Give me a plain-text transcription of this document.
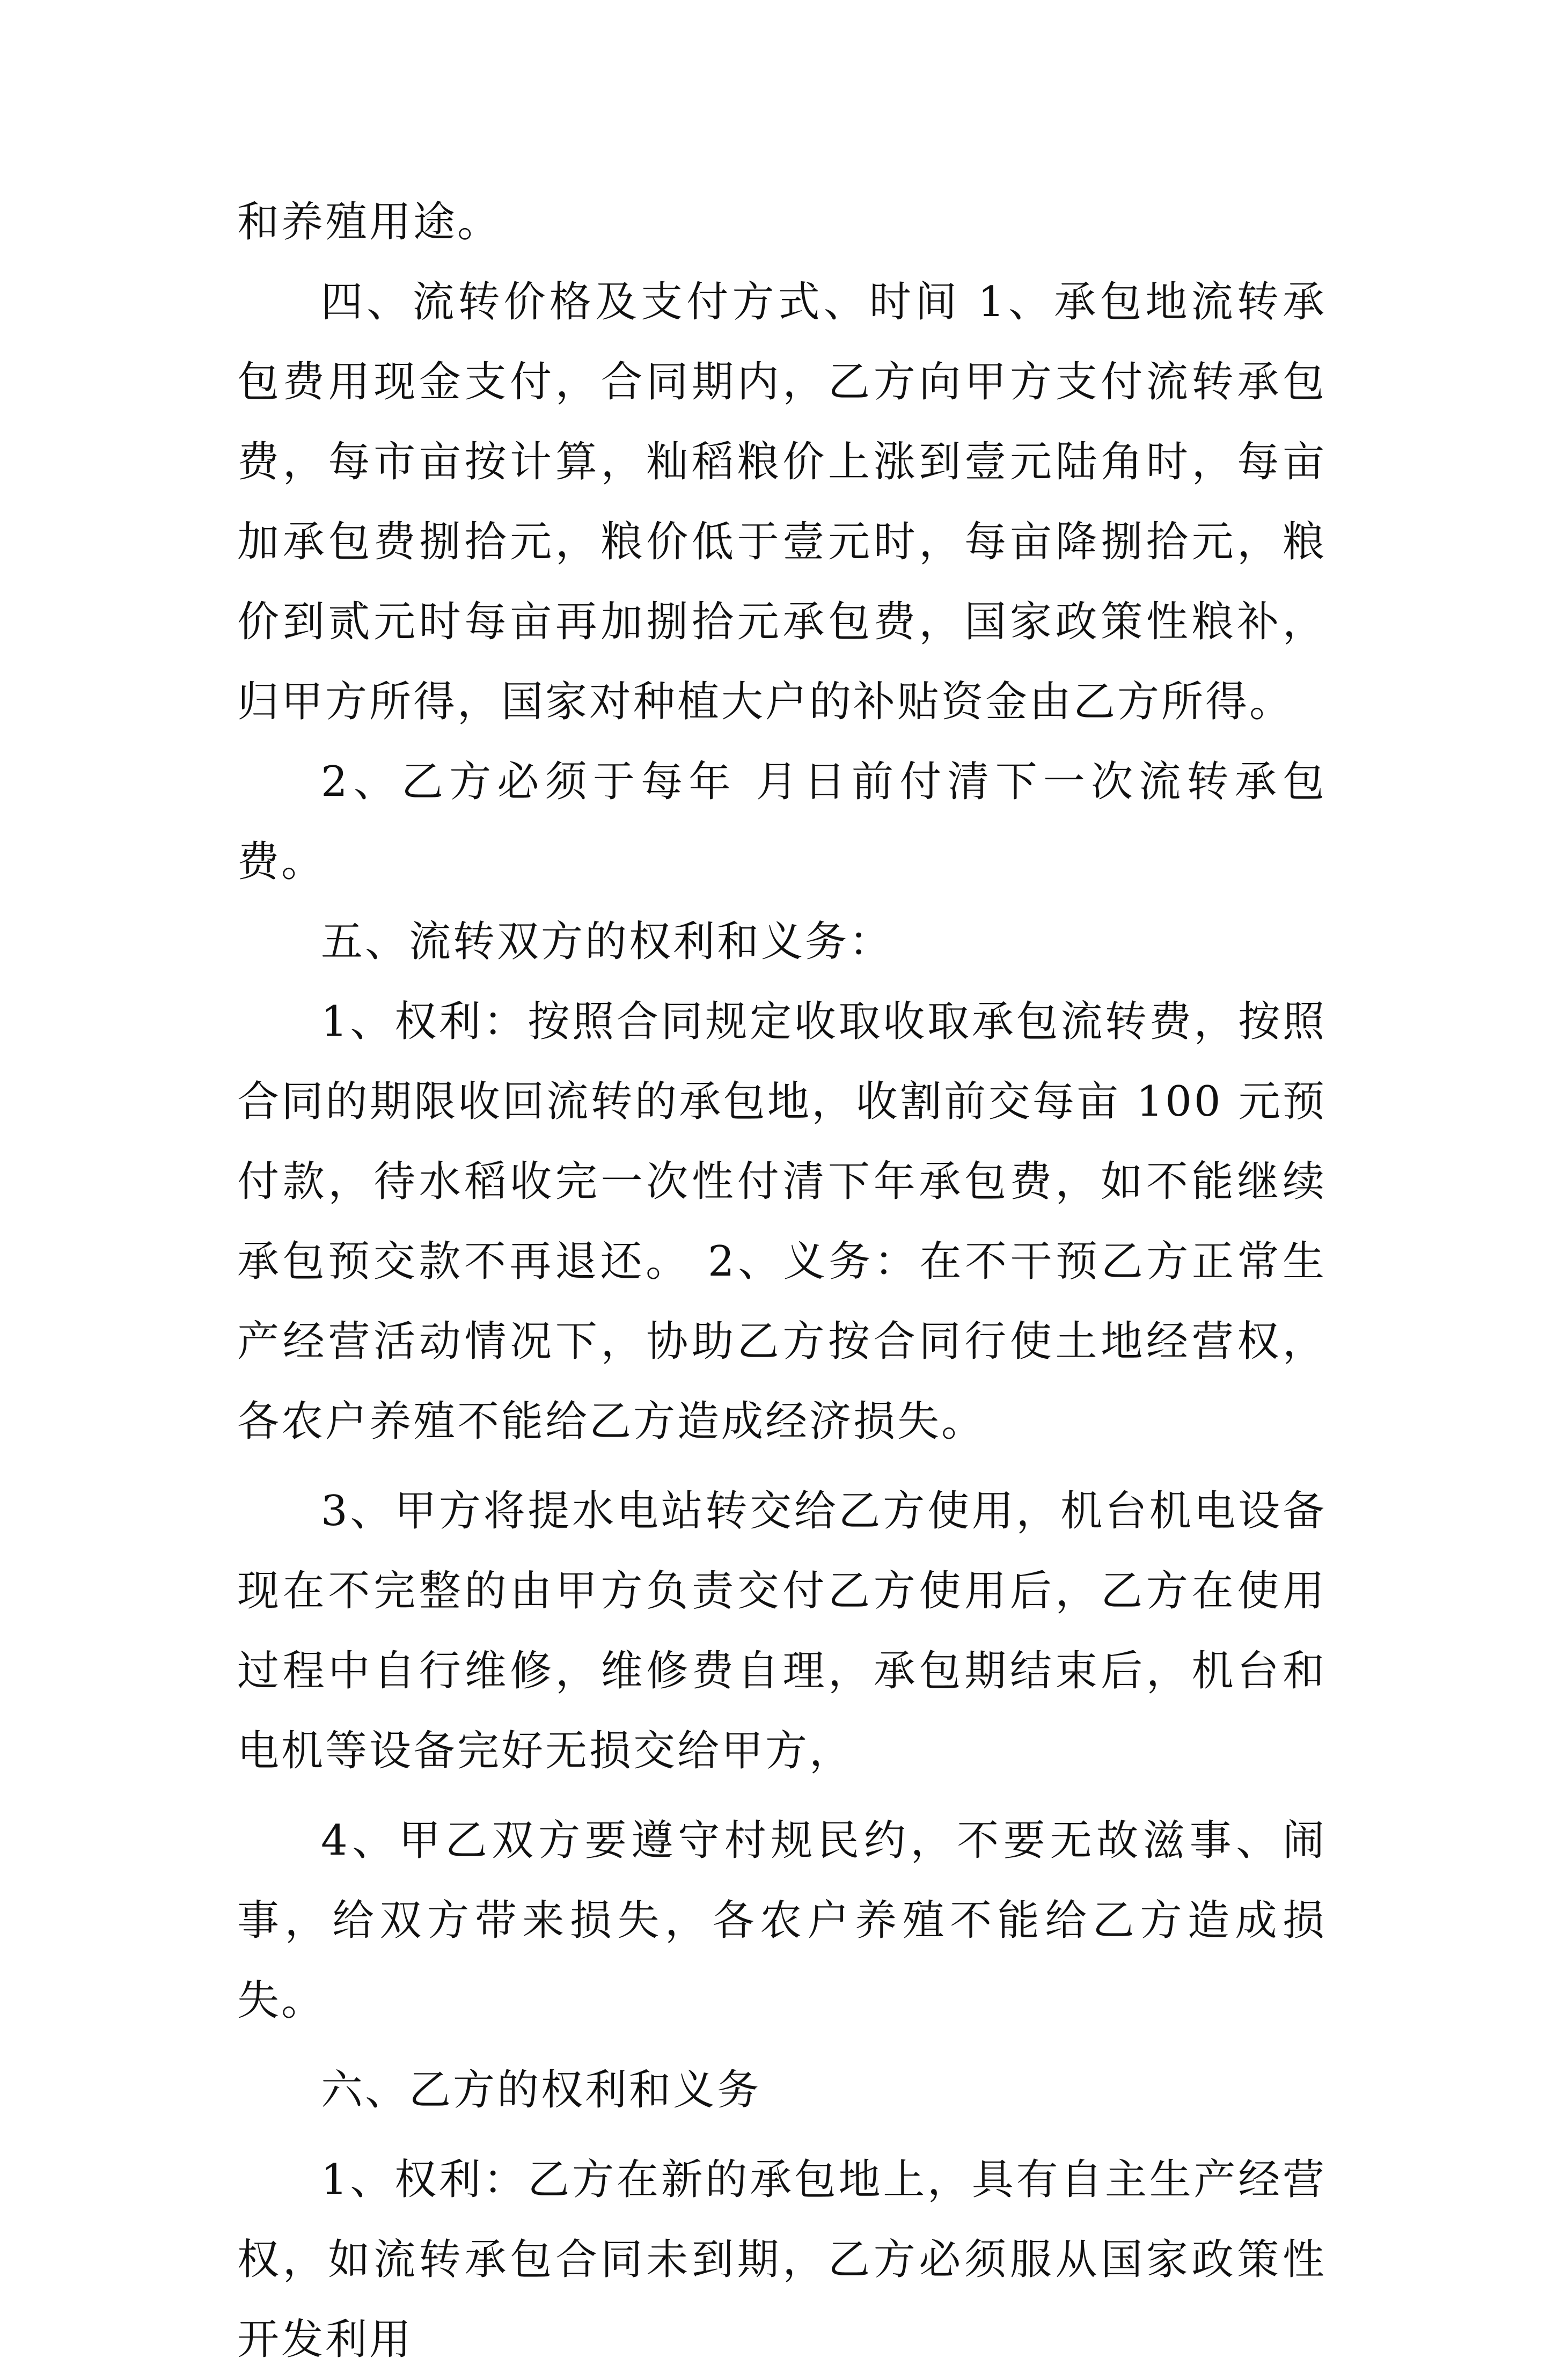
和养殖用途。

四、流转价格及支付方式、时间 1、承包地流转承包费用现金支付，合同期内，乙方向甲方支付流转承包费，每市亩按计算，籼稻粮价上涨到壹元陆角时，每亩加承包费捌拾元，粮价低于壹元时，每亩降捌拾元，粮价到贰元时每亩再加捌拾元承包费，国家政策性粮补，归甲方所得，国家对种植大户的补贴资金由乙方所得。

2、乙方必须于每年 月日前付清下一次流转承包费。

五、流转双方的权利和义务：

1、权利：按照合同规定收取收取承包流转费，按照合同的期限收回流转的承包地，收割前交每亩 100 元预付款，待水稻收完一次性付清下年承包费，如不能继续承包预交款不再退还。 2、义务：在不干预乙方正常生产经营活动情况下，协助乙方按合同行使土地经营权，各农户养殖不能给乙方造成经济损失。

3、甲方将提水电站转交给乙方使用，机台机电设备现在不完整的由甲方负责交付乙方使用后，乙方在使用过程中自行维修，维修费自理，承包期结束后，机台和电机等设备完好无损交给甲方，

4、甲乙双方要遵守村规民约，不要无故滋事、闹事，给双方带来损失，各农户养殖不能给乙方造成损失。

六、乙方的权利和义务

1、权利：乙方在新的承包地上，具有自主生产经营权，如流转承包合同未到期，乙方必须服从国家政策性开发利用
